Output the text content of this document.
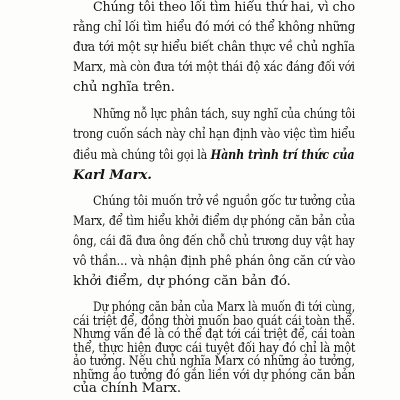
Chúng tôi theo lối tìm hiểu thứ hai, vì cho
rằng chỉ lối tìm hiểu đó mới có thể không những
đưa tới một sự hiểu biết chân thực về chủ nghĩa
Marx, mà còn đưa tới một thái độ xác đáng đối với
chủ nghĩa trên.
Những nỗ lực phân tách, suy nghĩ của chúng tôi
trong cuốn sách này chỉ hạn định vào việc tìm hiểu
điều mà chúng tôi gọi là Hành trình trí thức của
Karl Marx.
Chúng tôi muốn trở về nguồn gốc tư tưởng của
Marx, để tìm hiểu khởi điểm dự phóng căn bản của
ông, cái đã đưa ông đến chỗ chủ trương duy vật hay
vô thần... và nhận định phê phán ông căn cứ vào
khởi điểm, dự phóng căn bản đó.
Dự phóng căn bản của Marx là muốn đi tới cùng,
cái triệt để, đồng thời muốn bao quát cái toàn thể.
Nhưng vấn đề là có thể đạt tới cái triệt để, cái toàn
thể, thực hiện được cái tuyệt đối hay đó chỉ là một
ảo tưởng. Nếu chủ nghĩa Marx có những ảo tưởng,
những ảo tưởng đó gắn liền với dự phóng căn bản
của chính Marx.
